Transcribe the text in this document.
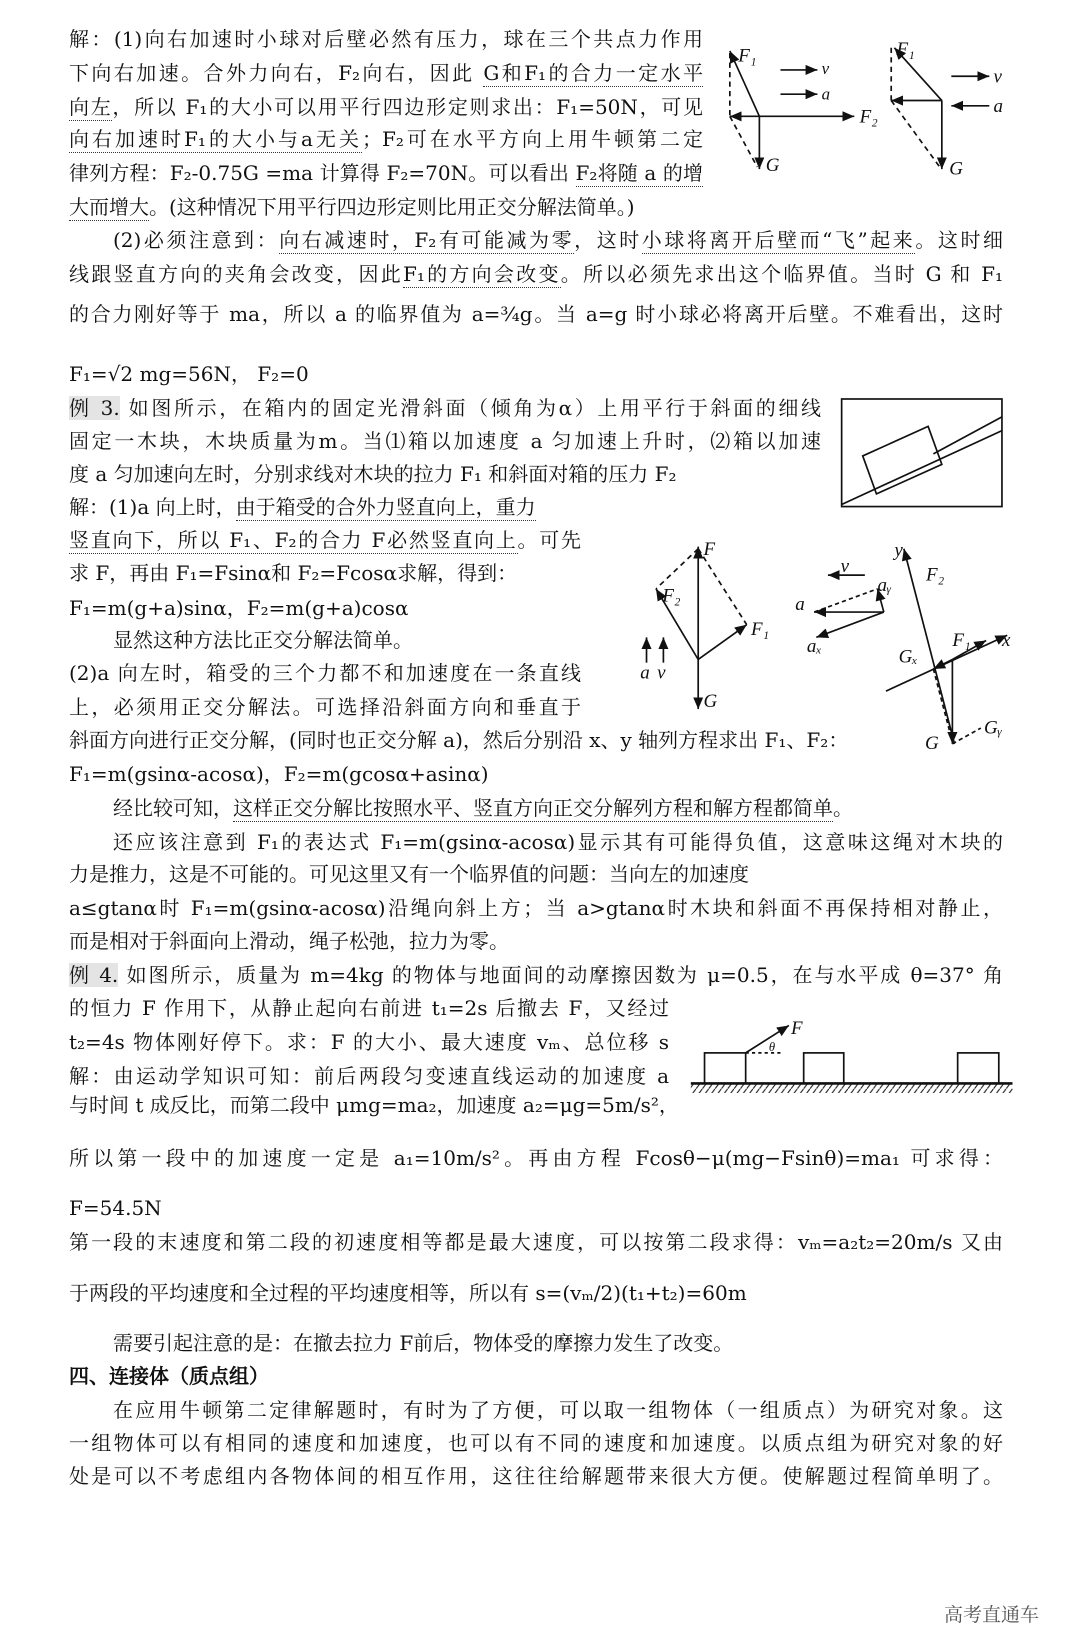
解：(1)向右加速时小球对后壁必然有压力，球在三个共点力作用
下向右加速。合外力向右，F₂向右，因此 G和F₁的合力一定水平
向左，所以 F₁的大小可以用平行四边形定则求出：F₁=50N，可见
向右加速时F₁的大小与a无关；F₂可在水平方向上用牛顿第二定
律列方程：F₂-0.75G =ma 计算得 F₂=70N。可以看出 F₂将随 a 的增
大而增大。(这种情况下用平行四边形定则比用正交分解法简单。)
(2)必须注意到：向右减速时，F₂有可能减为零，这时小球将离开后壁而“飞”起来。这时细
线跟竖直方向的夹角会改变，因此F₁的方向会改变。所以必须先求出这个临界值。当时 G 和 F₁
的合力刚好等于 ma，所以 a 的临界值为 a=¾g。当 a=g 时小球必将离开后壁。不难看出，这时
F₁=√2 mg=56N， F₂=0
例 3. 如图所示，在箱内的固定光滑斜面（倾角为α）上用平行于斜面的细线
固定一木块，木块质量为m。当⑴箱以加速度 a 匀加速上升时，⑵箱以加速
度 a 匀加速向左时，分别求线对木块的拉力 F₁ 和斜面对箱的压力 F₂
解：(1)a 向上时，由于箱受的合外力竖直向上，重力
竖直向下，所以 F₁、F₂的合力 F必然竖直向上。可先
求 F，再由 F₁=Fsinα和 F₂=Fcosα求解，得到：
F₁=m(g+a)sinα，F₂=m(g+a)cosα
显然这种方法比正交分解法简单。
(2)a 向左时，箱受的三个力都不和加速度在一条直线
上，必须用正交分解法。可选择沿斜面方向和垂直于
斜面方向进行正交分解，(同时也正交分解 a)，然后分别沿 x、y 轴列方程求出 F₁、F₂：
F₁=m(gsinα-acosα)，F₂=m(gcosα+asinα)
经比较可知，这样正交分解比按照水平、竖直方向正交分解列方程和解方程都简单。
还应该注意到 F₁的表达式 F₁=m(gsinα-acosα)显示其有可能得负值，这意味这绳对木块的
力是推力，这是不可能的。可见这里又有一个临界值的问题：当向左的加速度
a≤gtanα时 F₁=m(gsinα-acosα)沿绳向斜上方；当 a>gtanα时木块和斜面不再保持相对静止，
而是相对于斜面向上滑动，绳子松弛，拉力为零。
例 4. 如图所示，质量为 m=4kg 的物体与地面间的动摩擦因数为 μ=0.5，在与水平成 θ=37° 角
的恒力 F 作用下，从静止起向右前进 t₁=2s 后撤去 F，又经过
t₂=4s 物体刚好停下。求：F 的大小、最大速度 vₘ、总位移 s
解：由运动学知识可知：前后两段匀变速直线运动的加速度 a
与时间 t 成反比，而第二段中 μmg=ma₂，加速度 a₂=μg=5m/s²，
所以第一段中的加速度一定是 a₁=10m/s²。再由方程 Fcosθ−μ(mg−Fsinθ)=ma₁ 可求得：
F=54.5N
第一段的末速度和第二段的初速度相等都是最大速度，可以按第二段求得：vₘ=a₂t₂=20m/s 又由
于两段的平均速度和全过程的平均速度相等，所以有 s=(vₘ/2)(t₁+t₂)=60m
需要引起注意的是：在撤去拉力 F前后，物体受的摩擦力发生了改变。
四、连接体（质点组）
在应用牛顿第二定律解题时，有时为了方便，可以取一组物体（一组质点）为研究对象。这
一组物体可以有相同的速度和加速度，也可以有不同的速度和加速度。以质点组为研究对象的好
处是可以不考虑组内各物体间的相互作用，这往往给解题带来很大方便。使解题过程简单明了。
F₁
F₂
G
v
a
F₁
G
v
a
F
F₂
F₁
G
a v
v
a
aᵧ
aₓ
y
F₂
F₁ x
Gₓ
Gᵧ
G
F
θ
高考直通车
